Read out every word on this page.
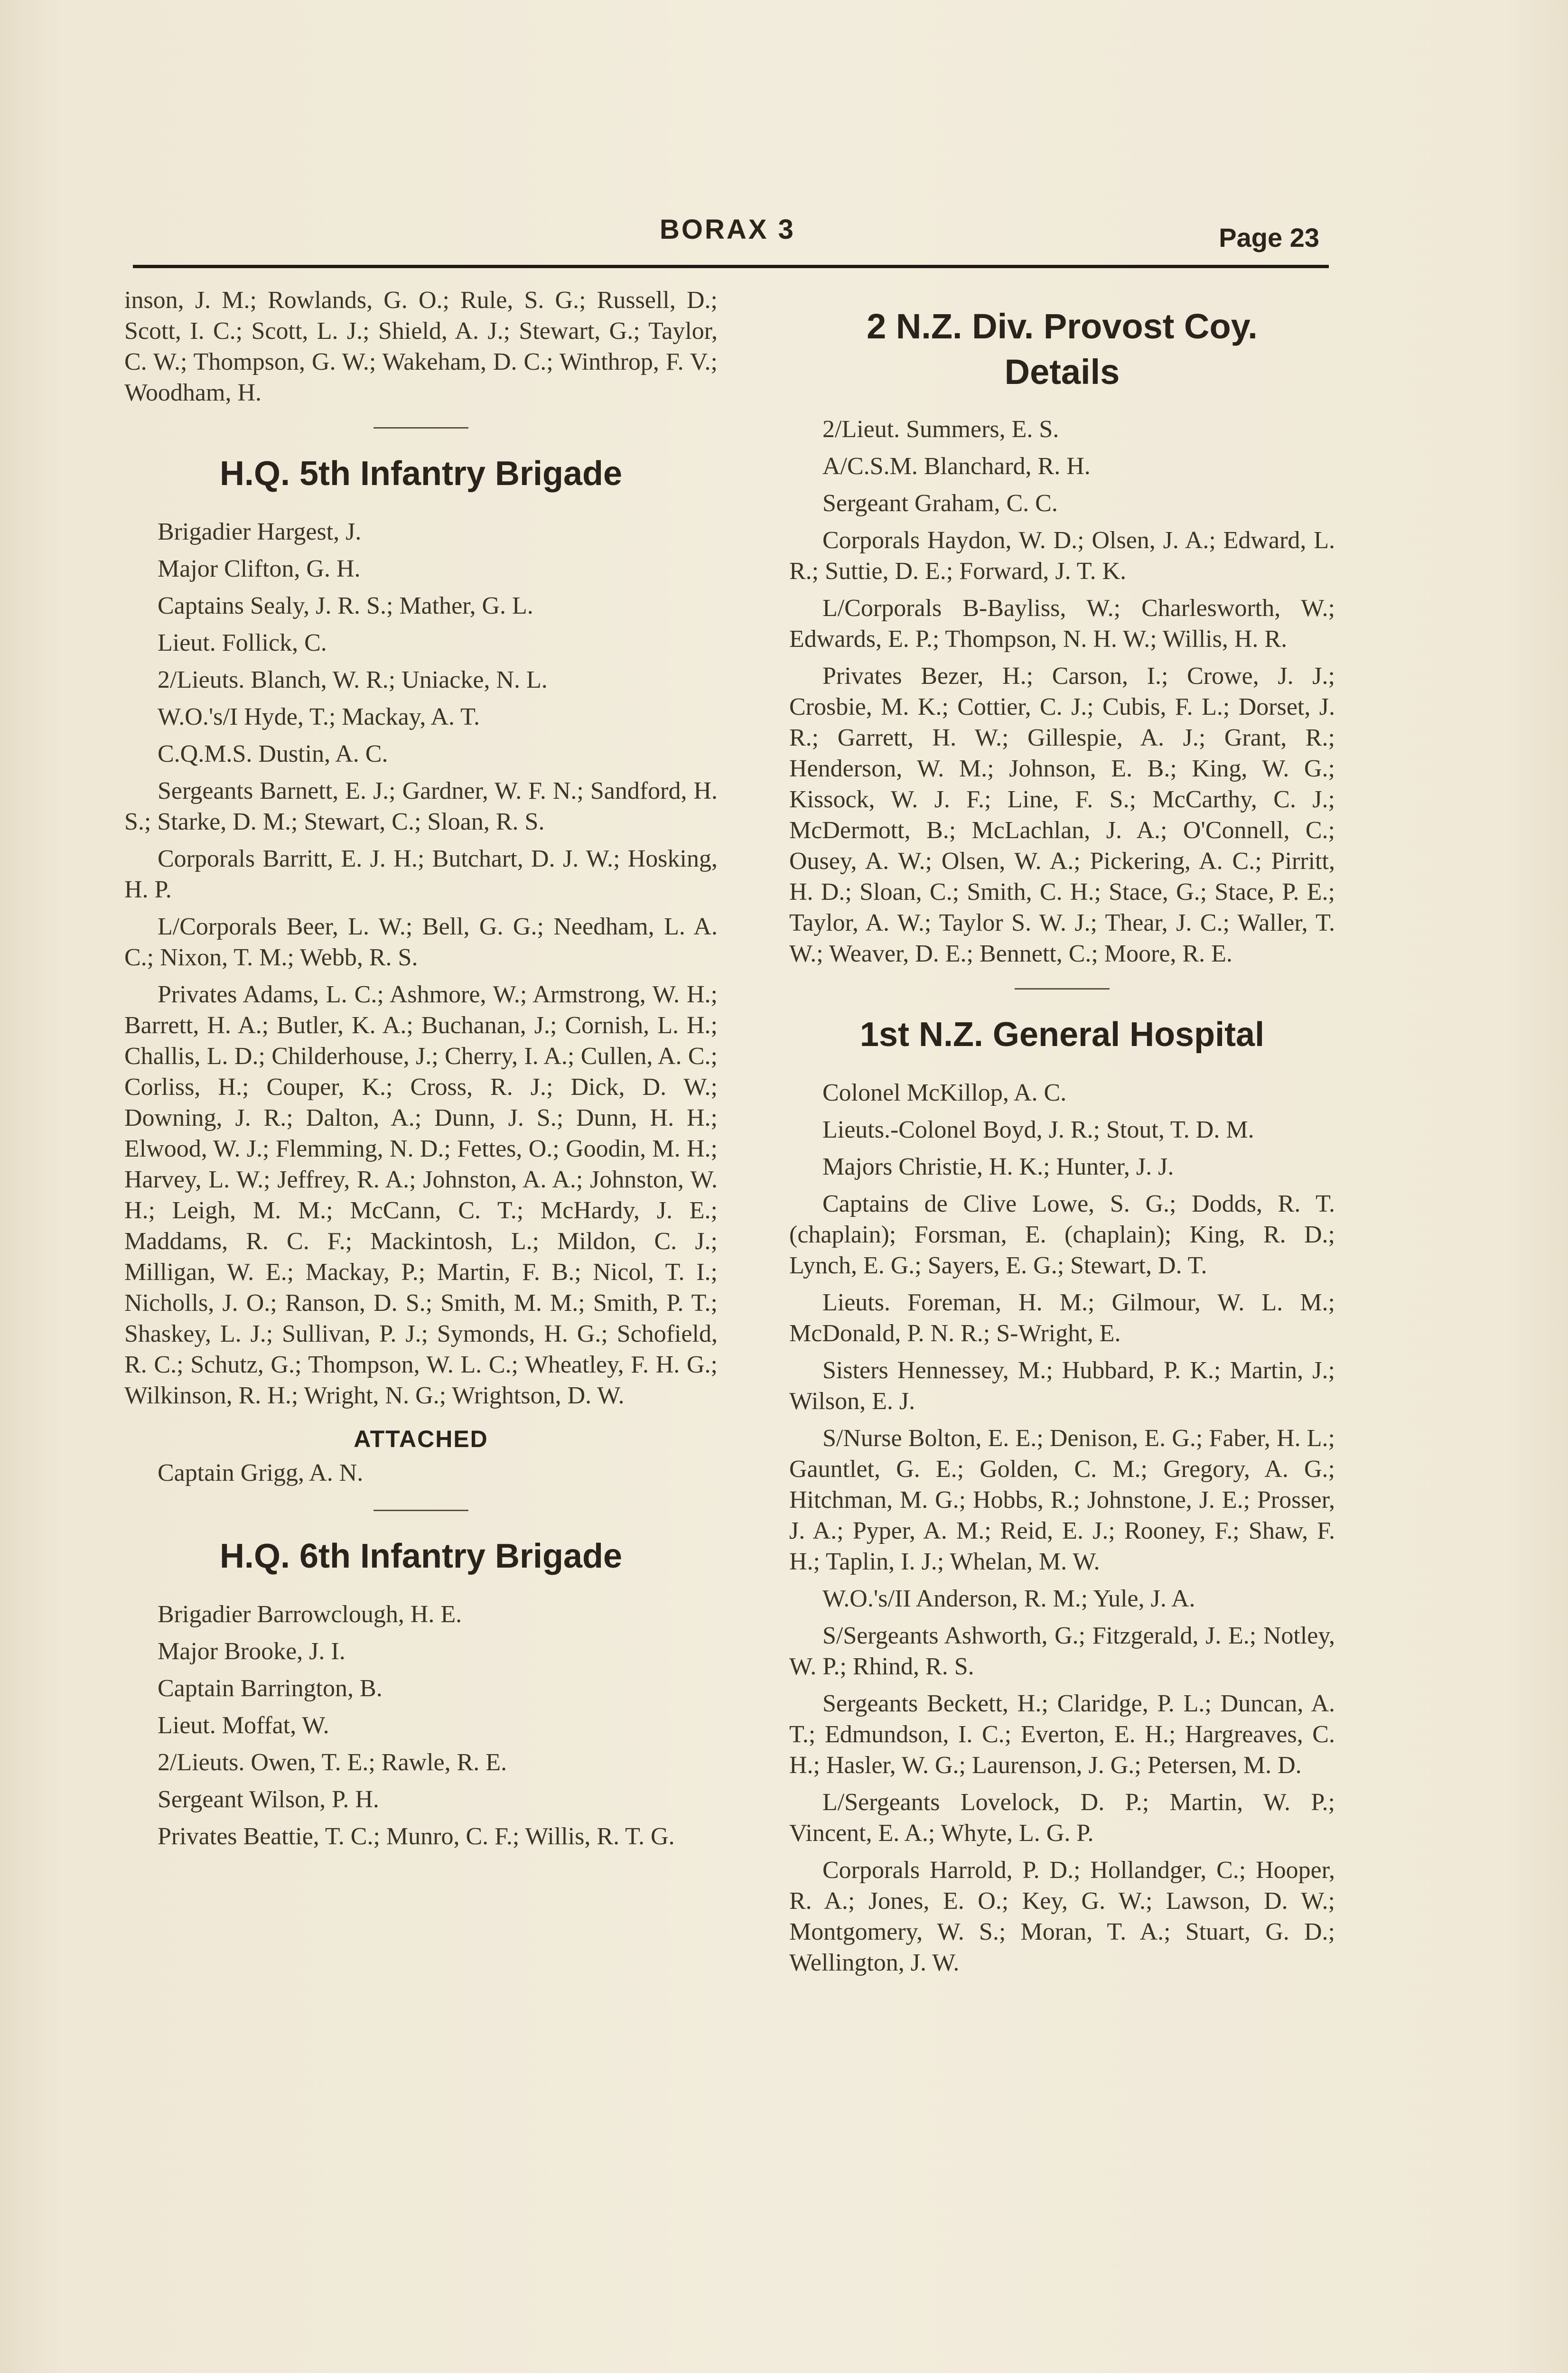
BORAX 3	Page 23

inson, J. M.; Rowlands, G. O.; Rule, S. G.; Russell, D.; Scott, I. C.; Scott, L. J.; Shield, A. J.; Stewart, G.; Taylor, C. W.; Thompson, G. W.; Wakeham, D. C.; Winthrop, F. V.; Woodham, H.

H.Q. 5th Infantry Brigade

Brigadier Hargest, J.

Major Clifton, G. H.

Captains Sealy, J. R. S.; Mather, G. L.

Lieut. Follick, C.

2/Lieuts. Blanch, W. R.; Uniacke, N. L.

W.O.'s/I Hyde, T.; Mackay, A. T.

C.Q.M.S. Dustin, A. C.

Sergeants Barnett, E. J.; Gardner, W. F. N.; Sandford, H. S.; Starke, D. M.; Stewart, C.; Sloan, R. S.

Corporals Barritt, E. J. H.; Butchart, D. J. W.; Hosking, H. P.

L/Corporals Beer, L. W.; Bell, G. G.; Needham, L. A. C.; Nixon, T. M.; Webb, R. S.

Privates Adams, L. C.; Ashmore, W.; Armstrong, W. H.; Barrett, H. A.; Butler, K. A.; Buchanan, J.; Cornish, L. H.; Challis, L. D.; Childerhouse, J.; Cherry, I. A.; Cullen, A. C.; Corliss, H.; Couper, K.; Cross, R. J.; Dick, D. W.; Downing, J. R.; Dalton, A.; Dunn, J. S.; Dunn, H. H.; Elwood, W. J.; Flemming, N. D.; Fettes, O.; Goodin, M. H.; Harvey, L. W.; Jeffrey, R. A.; Johnston, A. A.; Johnston, W. H.; Leigh, M. M.; McCann, C. T.; McHardy, J. E.; Maddams, R. C. F.; Mackintosh, L.; Mildon, C. J.; Milligan, W. E.; Mackay, P.; Martin, F. B.; Nicol, T. I.; Nicholls, J. O.; Ranson, D. S.; Smith, M. M.; Smith, P. T.; Shaskey, L. J.; Sullivan, P. J.; Symonds, H. G.; Schofield, R. C.; Schutz, G.; Thompson, W. L. C.; Wheatley, F. H. G.; Wilkinson, R. H.; Wright, N. G.; Wrightson, D. W.

ATTACHED

Captain Grigg, A. N.

H.Q. 6th Infantry Brigade

Brigadier Barrowclough, H. E.

Major Brooke, J. I.

Captain Barrington, B.

Lieut. Moffat, W.

2/Lieuts. Owen, T. E.; Rawle, R. E.

Sergeant Wilson, P. H.

Privates Beattie, T. C.; Munro, C. F.; Willis, R. T. G.

2 N.Z. Div. Provost Coy.
Details

2/Lieut. Summers, E. S.

A/C.S.M. Blanchard, R. H.

Sergeant Graham, C. C.

Corporals Haydon, W. D.; Olsen, J. A.; Edward, L. R.; Suttie, D. E.; Forward, J. T. K.

L/Corporals B-Bayliss, W.; Charlesworth, W.; Edwards, E. P.; Thompson, N. H. W.; Willis, H. R.

Privates Bezer, H.; Carson, I.; Crowe, J. J.; Crosbie, M. K.; Cottier, C. J.; Cubis, F. L.; Dorset, J. R.; Garrett, H. W.; Gillespie, A. J.; Grant, R.; Henderson, W. M.; Johnson, E. B.; King, W. G.; Kissock, W. J. F.; Line, F. S.; McCarthy, C. J.; McDermott, B.; McLachlan, J. A.; O'Connell, C.; Ousey, A. W.; Olsen, W. A.; Pickering, A. C.; Pirritt, H. D.; Sloan, C.; Smith, C. H.; Stace, G.; Stace, P. E.; Taylor, A. W.; Taylor S. W. J.; Thear, J. C.; Waller, T. W.; Weaver, D. E.; Bennett, C.; Moore, R. E.

1st N.Z. General Hospital

Colonel McKillop, A. C.

Lieuts.-Colonel Boyd, J. R.; Stout, T. D. M.

Majors Christie, H. K.; Hunter, J. J.

Captains de Clive Lowe, S. G.; Dodds, R. T. (chaplain); Forsman, E. (chaplain); King, R. D.; Lynch, E. G.; Sayers, E. G.; Stewart, D. T.

Lieuts. Foreman, H. M.; Gilmour, W. L. M.; McDonald, P. N. R.; S-Wright, E.

Sisters Hennessey, M.; Hubbard, P. K.; Martin, J.; Wilson, E. J.

S/Nurse Bolton, E. E.; Denison, E. G.; Faber, H. L.; Gauntlet, G. E.; Golden, C. M.; Gregory, A. G.; Hitchman, M. G.; Hobbs, R.; Johnstone, J. E.; Prosser, J. A.; Pyper, A. M.; Reid, E. J.; Rooney, F.; Shaw, F. H.; Taplin, I. J.; Whelan, M. W.

W.O.'s/II Anderson, R. M.; Yule, J. A.

S/Sergeants Ashworth, G.; Fitzgerald, J. E.; Notley, W. P.; Rhind, R. S.

Sergeants Beckett, H.; Claridge, P. L.; Duncan, A. T.; Edmundson, I. C.; Everton, E. H.; Hargreaves, C. H.; Hasler, W. G.; Laurenson, J. G.; Petersen, M. D.

L/Sergeants Lovelock, D. P.; Martin, W. P.; Vincent, E. A.; Whyte, L. G. P.

Corporals Harrold, P. D.; Hollandger, C.; Hooper, R. A.; Jones, E. O.; Key, G. W.; Lawson, D. W.; Montgomery, W. S.; Moran, T. A.; Stuart, G. D.; Wellington, J. W.
